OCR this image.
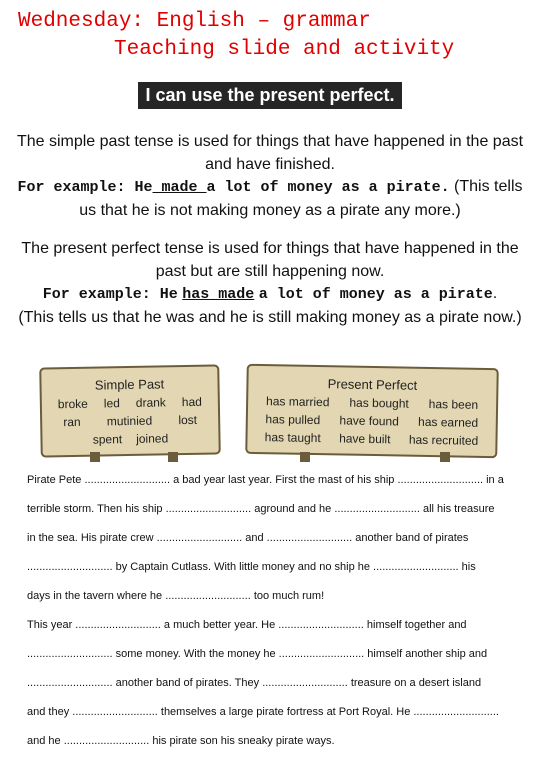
Wednesday: English – grammar
Teaching slide and activity
I can use the present perfect.
The simple past tense is used for things that have happened in the past and have finished.
For example: He made a lot of money as a pirate. (This tells us that he is not making money as a pirate any more.)
The present perfect tense is used for things that have happened in the past but are still happening now.
For example: He has made a lot of money as a pirate.
(This tells us that he was and he is still making money as a pirate now.)
Simple Past
broke led drank had
ran mutinied lost
spent joined
Present Perfect
has married has bought has been
has pulled have found has earned
has taught have built has recruited
Pirate Pete ............................ a bad year last year. First the mast of his ship ............................ in a
terrible storm. Then his ship ............................ aground and he ............................ all his treasure
in the sea. His pirate crew ............................ and ............................ another band of pirates
............................ by Captain Cutlass. With little money and no ship he ............................ his
days in the tavern where he ............................ too much rum!
This year ............................ a much better year. He ............................ himself together and
............................ some money. With the money he ............................ himself another ship and
............................ another band of pirates. They ............................ treasure on a desert island
and they ............................ themselves a large pirate fortress at Port Royal. He ............................
and he ............................ his pirate son his sneaky pirate ways.
